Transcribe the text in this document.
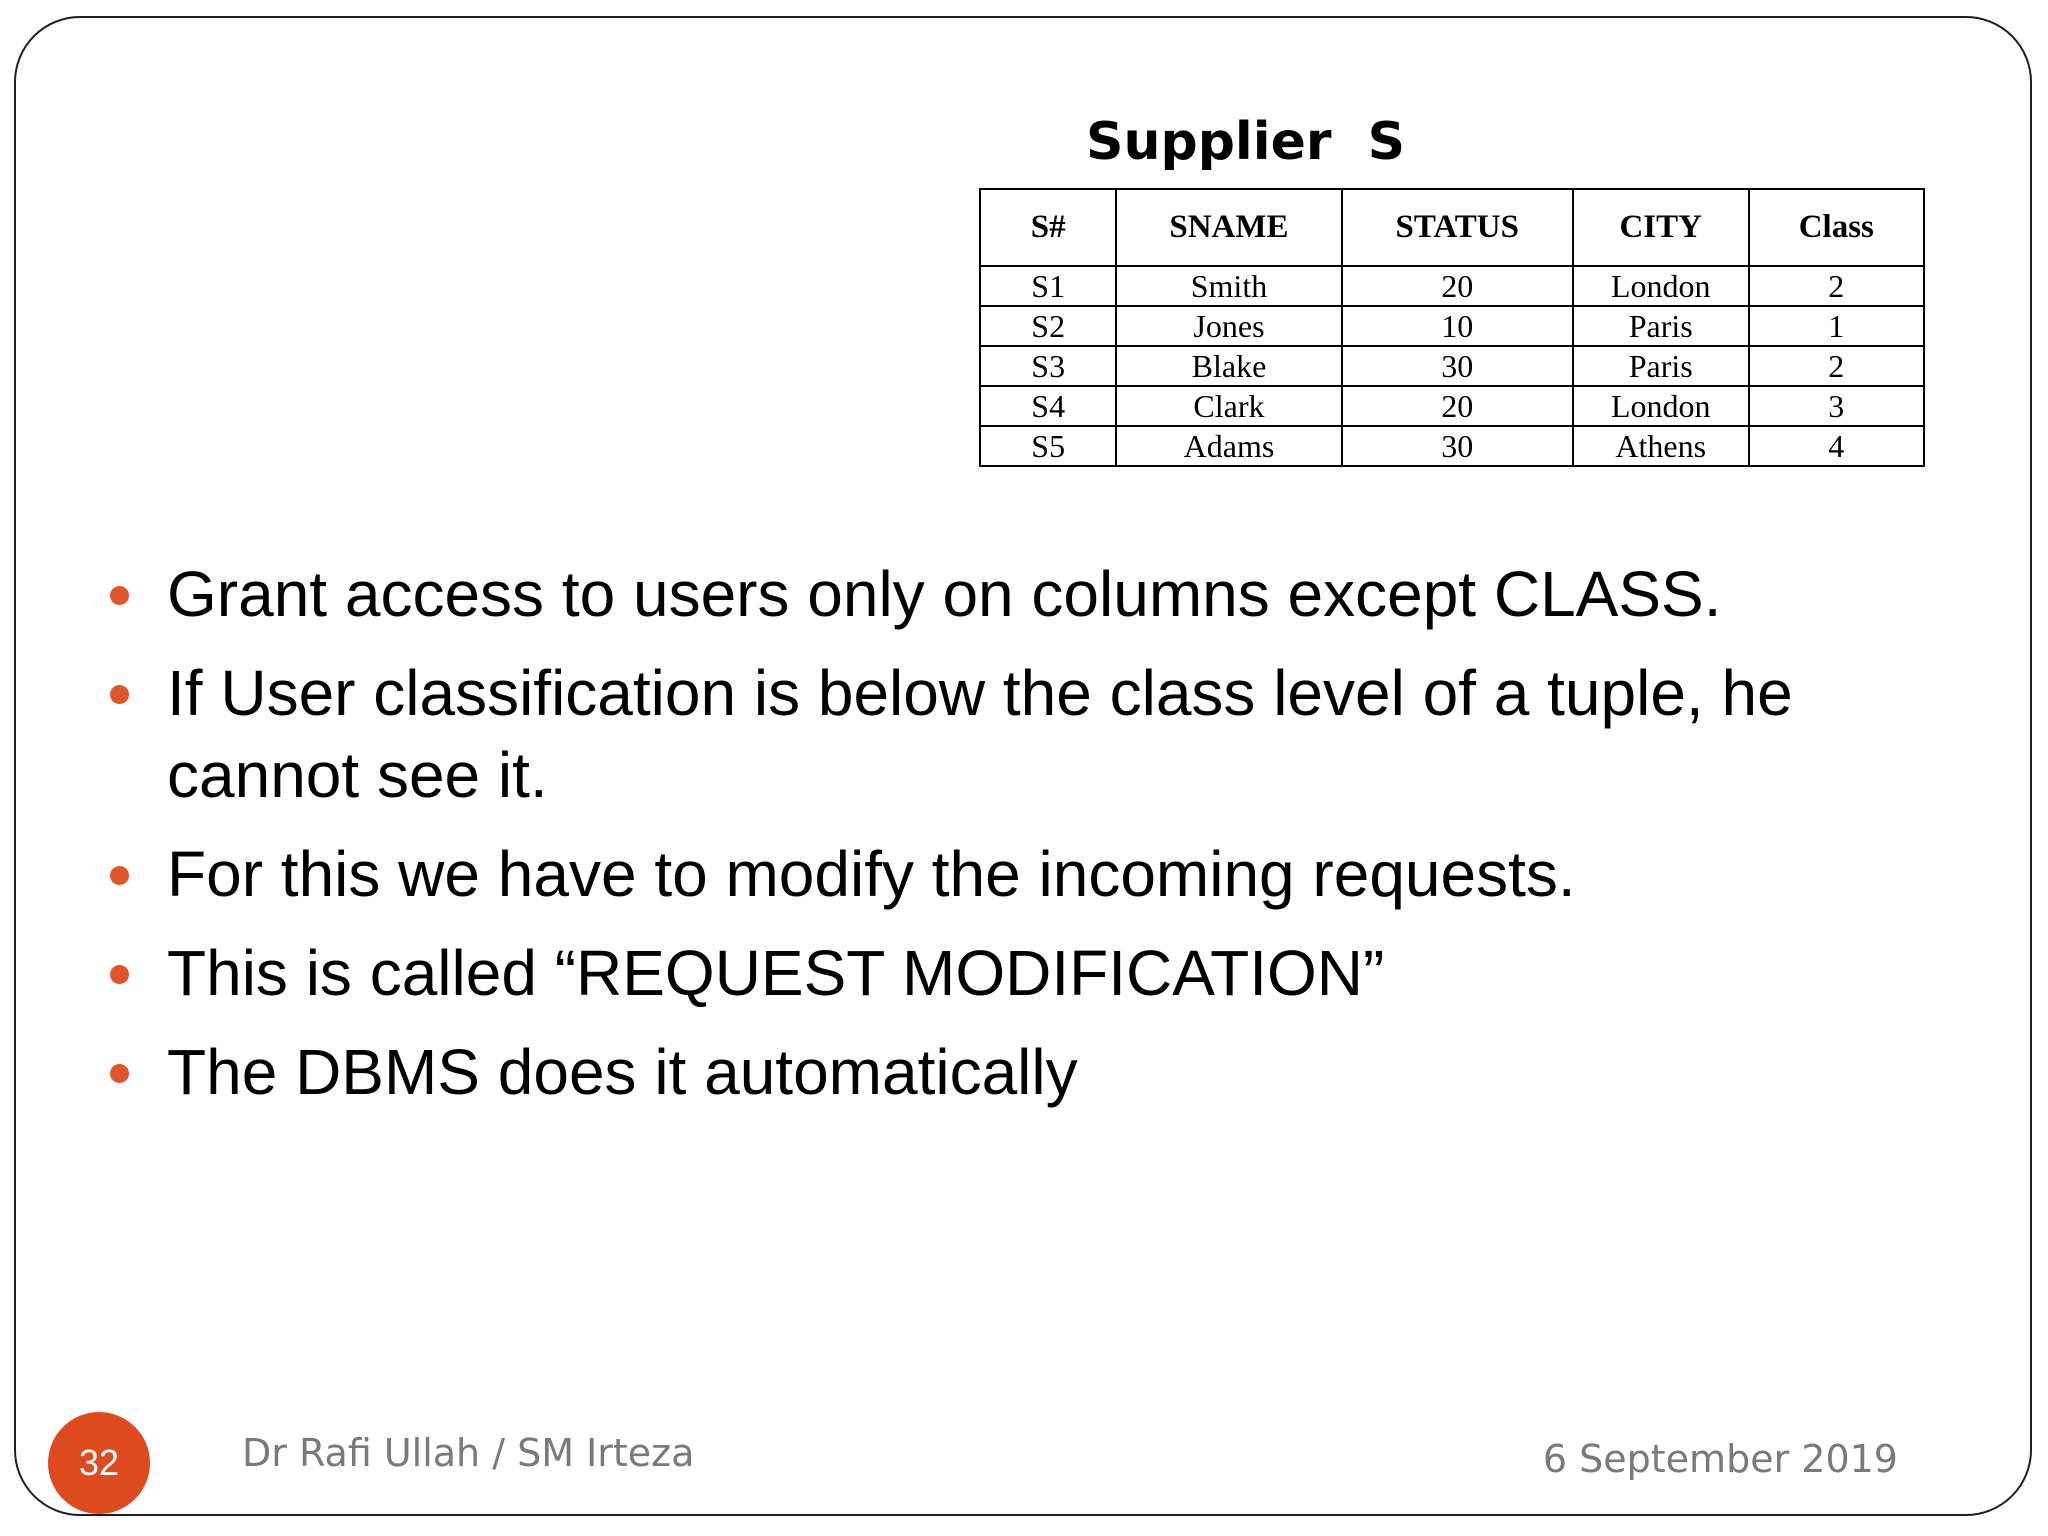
Supplier  S
S#	SNAME	STATUS	CITY	Class
S1	Smith	20	London	2
S2	Jones	10	Paris	1
S3	Blake	30	Paris	2
S4	Clark	20	London	3
S5	Adams	30	Athens	4
Grant access to users only on columns except CLASS.
If User classification is below the class level of a tuple, he cannot see it.
For this we have to modify the incoming requests.
This is called “REQUEST MODIFICATION”
The DBMS does it automatically
32	Dr Rafi Ullah / SM Irteza	6 September 2019
